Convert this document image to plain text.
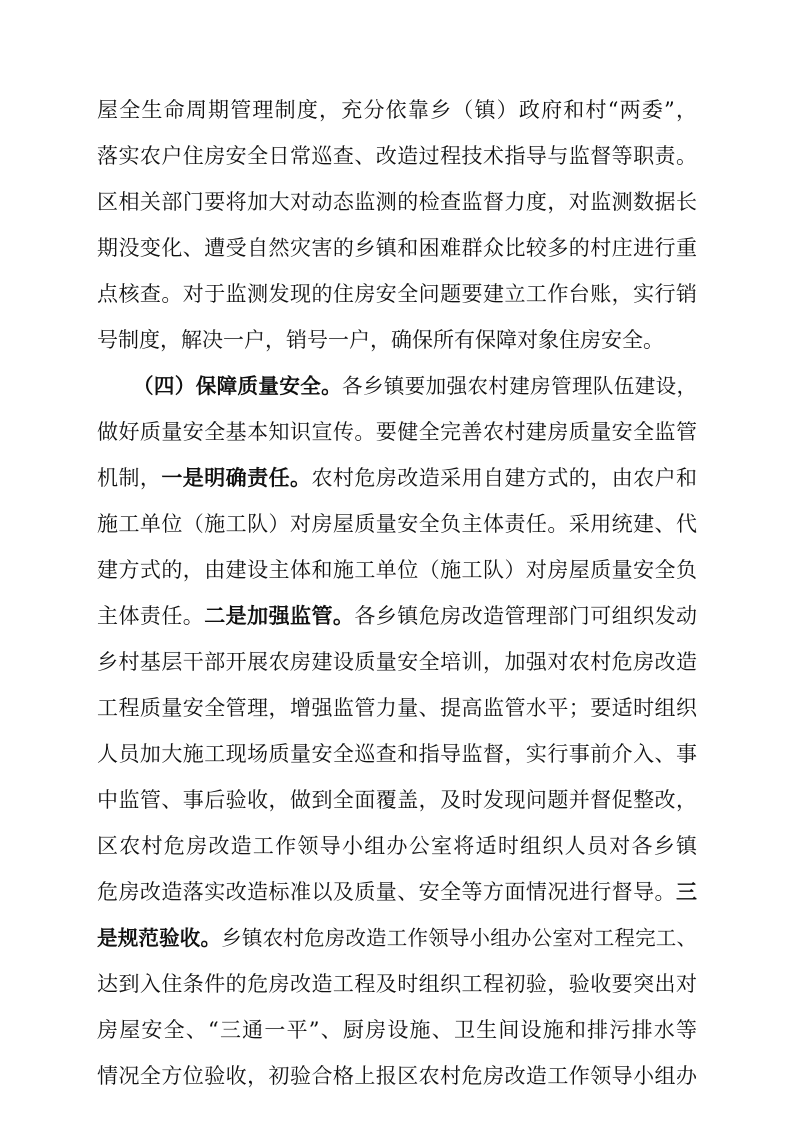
屋全生命周期管理制度，充分依靠乡（镇）政府和村“两委”，
落实农户住房安全日常巡查、改造过程技术指导与监督等职责。
区相关部门要将加大对动态监测的检查监督力度，对监测数据长
期没变化、遭受自然灾害的乡镇和困难群众比较多的村庄进行重
点核查。对于监测发现的住房安全问题要建立工作台账，实行销
号制度，解决一户，销号一户，确保所有保障对象住房安全。
（四）保障质量安全。各乡镇要加强农村建房管理队伍建设，
做好质量安全基本知识宣传。要健全完善农村建房质量安全监管
机制，一是明确责任。农村危房改造采用自建方式的，由农户和
施工单位（施工队）对房屋质量安全负主体责任。采用统建、代
建方式的，由建设主体和施工单位（施工队）对房屋质量安全负
主体责任。二是加强监管。各乡镇危房改造管理部门可组织发动
乡村基层干部开展农房建设质量安全培训，加强对农村危房改造
工程质量安全管理，增强监管力量、提高监管水平；要适时组织
人员加大施工现场质量安全巡查和指导监督，实行事前介入、事
中监管、事后验收，做到全面覆盖，及时发现问题并督促整改，
区农村危房改造工作领导小组办公室将适时组织人员对各乡镇
危房改造落实改造标准以及质量、安全等方面情况进行督导。三
是规范验收。乡镇农村危房改造工作领导小组办公室对工程完工、
达到入住条件的危房改造工程及时组织工程初验，验收要突出对
房屋安全、“三通一平”、厨房设施、卫生间设施和排污排水等
情况全方位验收，初验合格上报区农村危房改造工作领导小组办
